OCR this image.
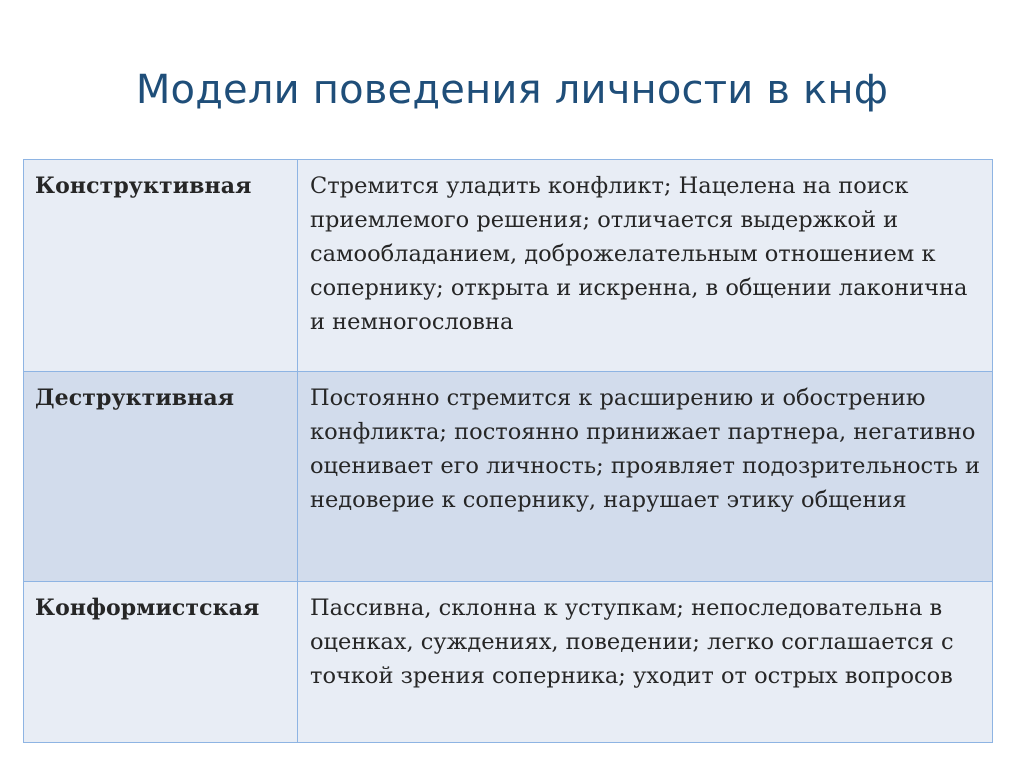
Модели поведения личности в кнф
Конструктивная	Стремится уладить конфликт; Нацелена на поиск приемлемого решения; отличается выдержкой и самообладанием, доброжелательным отношением к сопернику; открыта и искренна, в общении лаконична и немногословна
Деструктивная	Постоянно стремится к расширению и обострению конфликта; постоянно принижает партнера, негативно оценивает его личность; проявляет подозрительность и недоверие к сопернику, нарушает этику общения
Конформистская	Пассивна, склонна к уступкам; непоследовательна в оценках, суждениях, поведении; легко соглашается с точкой зрения соперника; уходит от острых вопросов
